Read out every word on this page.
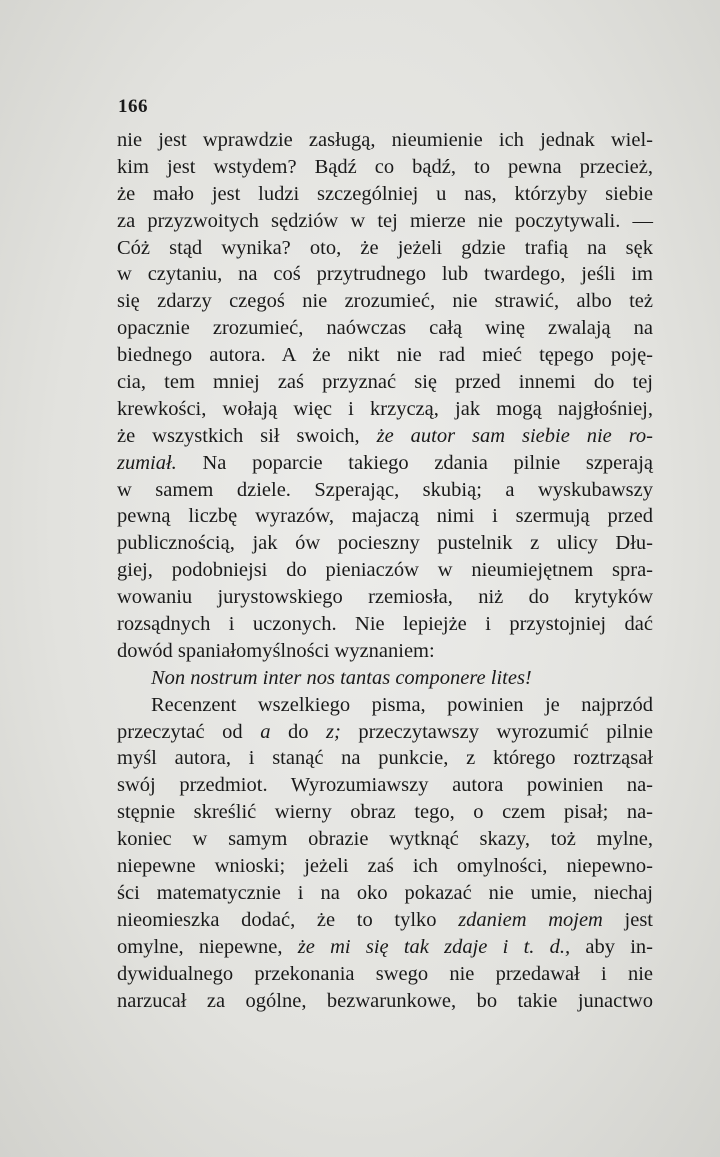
166
nie jest wprawdzie zasługą, nieumienie ich jednak wiel-
kim jest wstydem? Bądź co bądź, to pewna przecież,
że mało jest ludzi szczególniej u nas, którzyby siebie
za przyzwoitych sędziów w tej mierze nie poczytywali. —
Cóż stąd wynika? oto, że jeżeli gdzie trafią na sęk
w czytaniu, na coś przytrudnego lub twardego, jeśli im
się zdarzy czegoś nie zrozumieć, nie strawić, albo też
opacznie zrozumieć, naówczas całą winę zwalają na
biednego autora. A że nikt nie rad mieć tępego poję-
cia, tem mniej zaś przyznać się przed innemi do tej
krewkości, wołają więc i krzyczą, jak mogą najgłośniej,
że wszystkich sił swoich, że autor sam siebie nie ro-
zumiał. Na poparcie takiego zdania pilnie szperają
w samem dziele. Szperając, skubią; a wyskubawszy
pewną liczbę wyrazów, majaczą nimi i szermują przed
publicznością, jak ów pocieszny pustelnik z ulicy Dłu-
giej, podobniejsi do pieniaczów w nieumiejętnem spra-
wowaniu jurystowskiego rzemiosła, niż do krytyków
rozsądnych i uczonych. Nie lepiejże i przystojniej dać
dowód spaniałomyślności wyznaniem:
Non nostrum inter nos tantas componere lites!
Recenzent wszelkiego pisma, powinien je najprzód
przeczytać od a do z; przeczytawszy wyrozumić pilnie
myśl autora, i stanąć na punkcie, z którego roztrząsał
swój przedmiot. Wyrozumiawszy autora powinien na-
stępnie skreślić wierny obraz tego, o czem pisał; na-
koniec w samym obrazie wytknąć skazy, toż mylne,
niepewne wnioski; jeżeli zaś ich omylności, niepewno-
ści matematycznie i na oko pokazać nie umie, niechaj
nieomieszka dodać, że to tylko zdaniem mojem jest
omylne, niepewne, że mi się tak zdaje i t. d., aby in-
dywidualnego przekonania swego nie przedawał i nie
narzucał za ogólne, bezwarunkowe, bo takie junactwo
